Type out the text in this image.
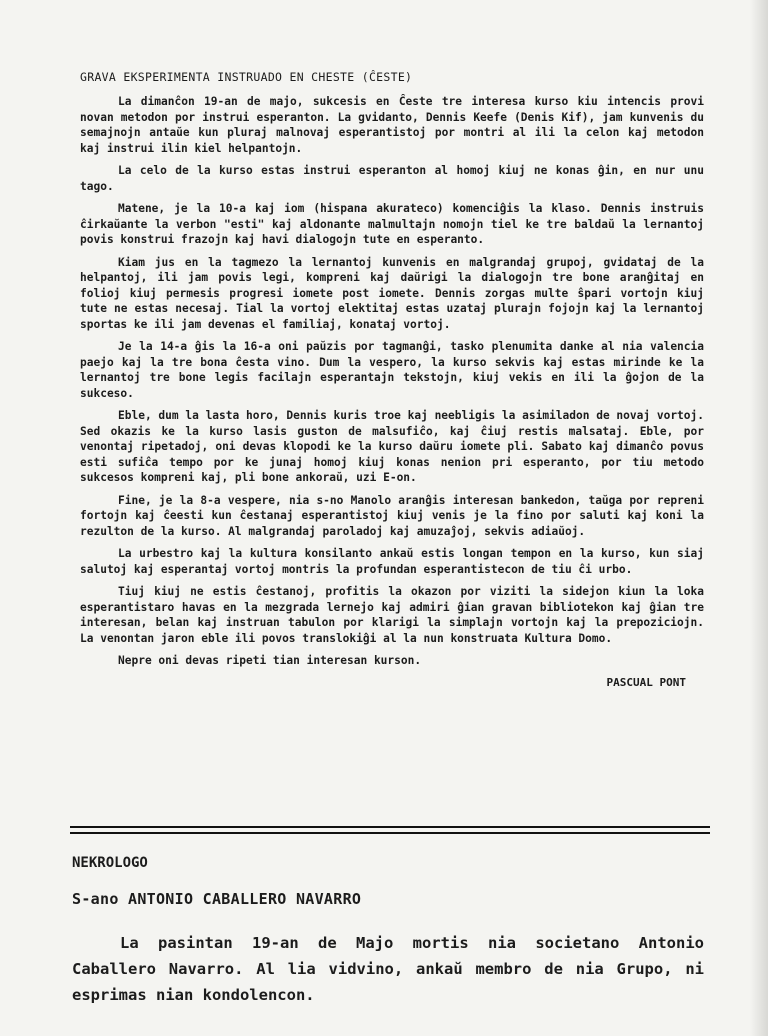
GRAVA EKSPERIMENTA INSTRUADO EN CHESTE (ĈESTE)

La dimanĉon 19-an de majo, sukcesis en Ĉeste tre interesa kurso kiu intencis provi novan metodon por instrui esperanton. La gvidanto, Dennis Keefe (Denis Kif), jam kunvenis du semajnojn antaŭe kun pluraj malnovaj esperantistoj por montri al ili la celon kaj metodon kaj instrui ilin kiel helpantojn.

La celo de la kurso estas instrui esperanton al homoj kiuj ne konas ĝin, en nur unu tago.

Matene, je la 10-a kaj iom (hispana akurateco) komenciĝis la klaso. Dennis instruis ĉirkaŭante la verbon "esti" kaj aldonante malmultajn nomojn tiel ke tre baldaŭ la lernantoj povis konstrui frazojn kaj havi dialogojn tute en esperanto.

Kiam jus en la tagmezo la lernantoj kunvenis en malgrandaj grupoj, gvidataj de la helpantoj, ili jam povis legi, kompreni kaj daŭrigi la dialogojn tre bone aranĝitaj en folioj kiuj permesis progresi iomete post iomete. Dennis zorgas multe ŝpari vortojn kiuj tute ne estas necesaj. Tial la vortoj elektitaj estas uzataj plurajn fojojn kaj la lernantoj sportas ke ili jam devenas el familiaj, konataj vortoj.

Je la 14-a ĝis la 16-a oni paŭzis por tagmanĝi, tasko plenumita danke al nia valencia paejo kaj la tre bona ĉesta vino. Dum la vespero, la kurso sekvis kaj estas mirinde ke la lernantoj tre bone legis facilajn esperantajn tekstojn, kiuj vekis en ili la ĝojon de la sukceso.

Eble, dum la lasta horo, Dennis kuris troe kaj neebligis la asimiladon de novaj vortoj. Sed okazis ke la kurso lasis guston de malsufiĉo, kaj ĉiuj restis malsataj. Eble, por venontaj ripetadoj, oni devas klopodi ke la kurso daŭru iomete pli. Sabato kaj dimanĉo povus esti sufiĉa tempo por ke junaj homoj kiuj konas nenion pri esperanto, por tiu metodo sukcesos kompreni kaj, pli bone ankoraŭ, uzi E-on.

Fine, je la 8-a vespere, nia s-no Manolo aranĝis interesan bankedon, taŭga por repreni fortojn kaj ĉeesti kun ĉestanaj esperantistoj kiuj venis je la fino por saluti kaj koni la rezulton de la kurso. Al malgrandaj paroladoj kaj amuzaĵoj, sekvis adiaŭoj.

La urbestro kaj la kultura konsilanto ankaŭ estis longan tempon en la kurso, kun siaj salutoj kaj esperantaj vortoj montris la profundan esperantistecon de tiu ĉi urbo.

Tiuj kiuj ne estis ĉestanoj, profitis la okazon por viziti la sidejon kiun la loka esperantistaro havas en la mezgrada lernejo kaj admiri ĝian gravan bibliotekon kaj ĝian tre interesan, belan kaj instruan tabulon por klarigi la simplajn vortojn kaj la prepoziciojn. La venontan jaron eble ili povos translokiĝi al la nun konstruata Kultura Domo.

Nepre oni devas ripeti tian interesan kurson.

PASCUAL PONT

NEKROLOGO

S-ano ANTONIO CABALLERO NAVARRO

La pasintan 19-an de Majo mortis nia societano Antonio Caballero Navarro. Al lia vidvino, ankaŭ membro de nia Grupo, ni esprimas nian kondolencon.
